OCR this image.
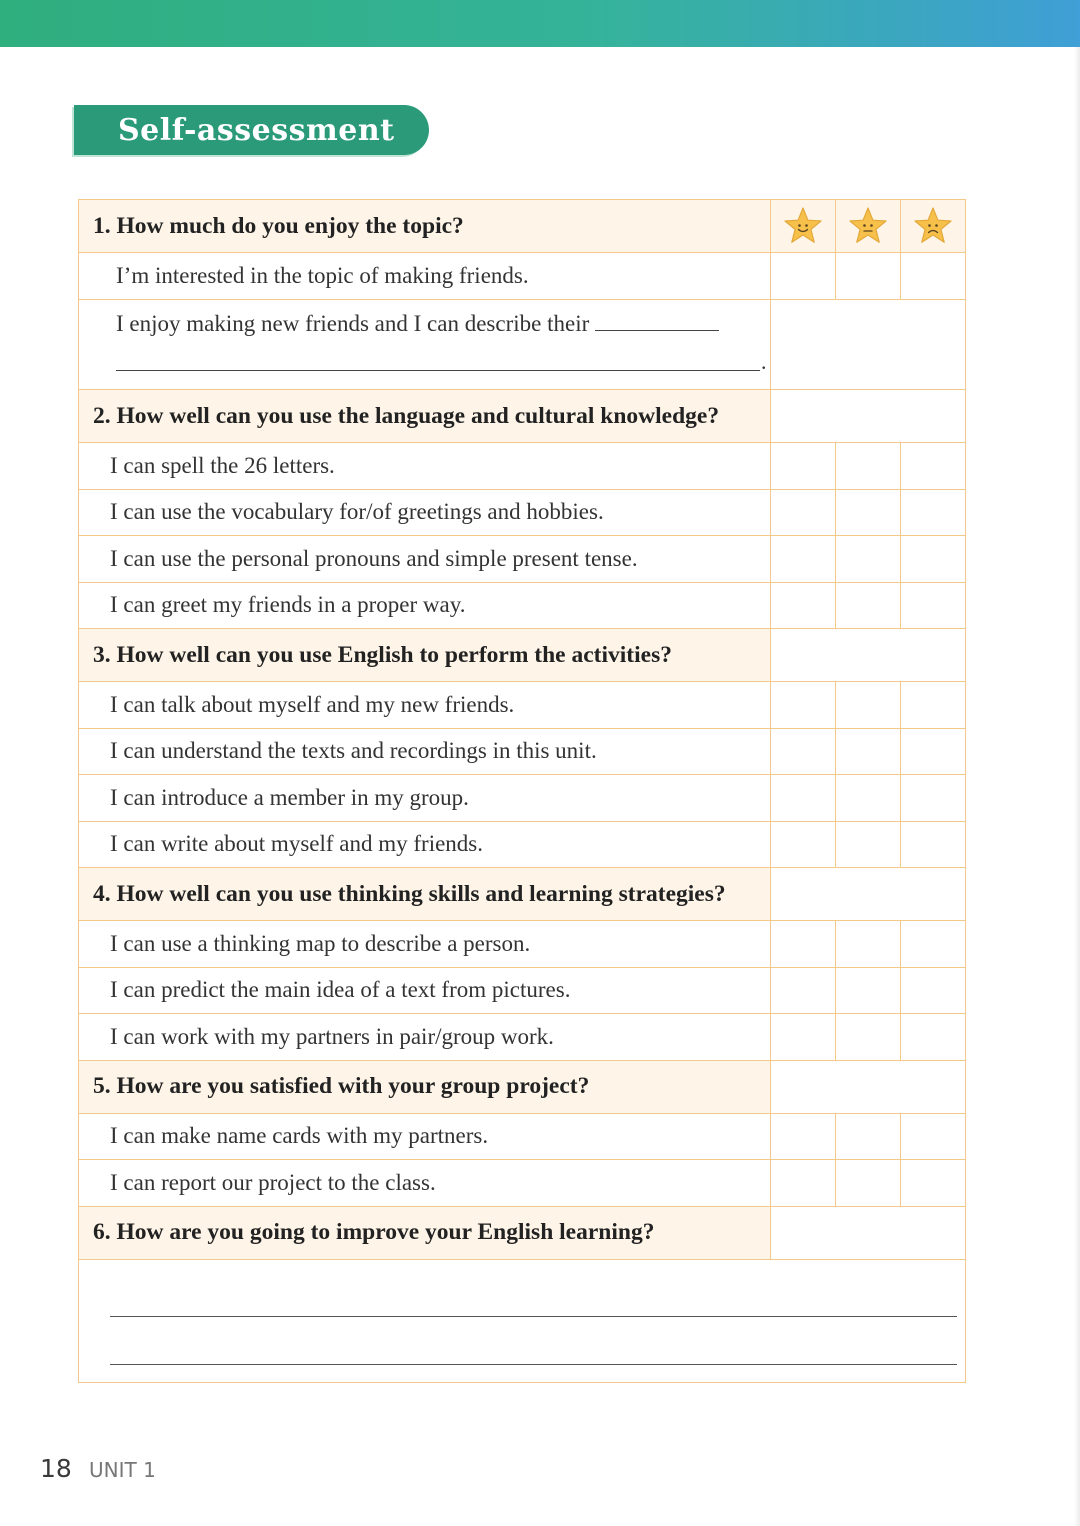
Self-assessment
1. How much do you enjoy the topic?	

I’m interested in the topic of making friends.			
I enjoy making new friends and I can describe their
.			

2. How well can you use the language and cultural knowledge?			
I can spell the 26 letters.			
I can use the vocabulary for/of greetings and hobbies.			
I can use the personal pronouns and simple present tense.			
I can greet my friends in a proper way.			
3. How well can you use English to perform the activities?			
I can talk about myself and my new friends.			
I can understand the texts and recordings in this unit.			
I can introduce a member in my group.			
I can write about myself and my friends.			
4. How well can you use thinking skills and learning strategies?			
I can use a thinking map to describe a person.			
I can predict the main idea of a text from pictures.			
I can work with my partners in pair/group work.			
5. How are you satisfied with your group project?			
I can make name cards with my partners.			
I can report our project to the class.			
6. How are you going to improve your English learning?			

18 UNIT 1
